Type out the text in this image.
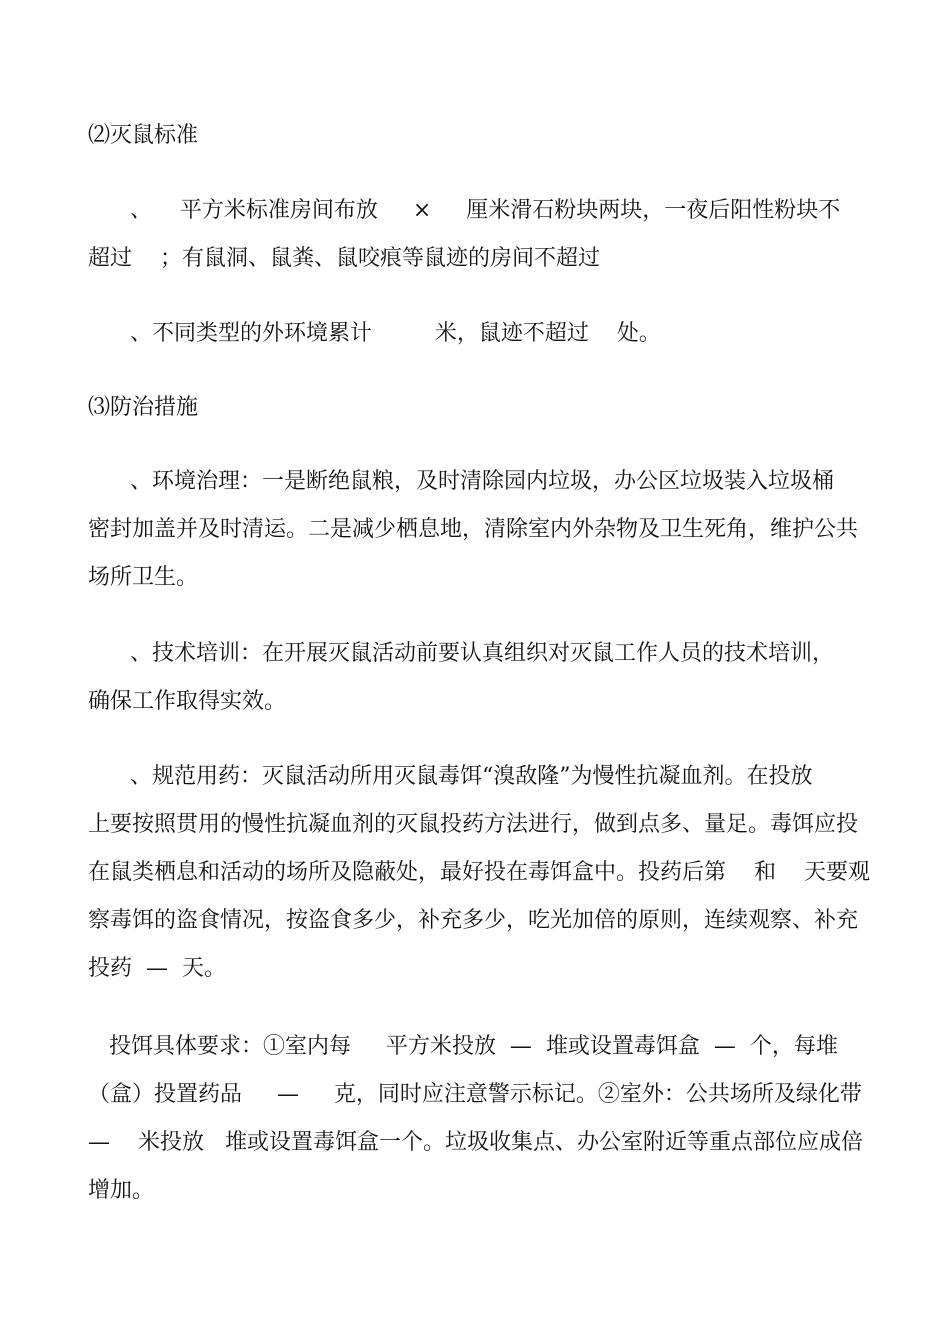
⑵灭鼠标准
、    平方米标准房间布放     ×     厘米滑石粉块两块，一夜后阳性粉块不
超过    ；有鼠洞、鼠粪、鼠咬痕等鼠迹的房间不超过
、不同类型的外环境累计         米，鼠迹不超过    处。
⑶防治措施
、环境治理：一是断绝鼠粮，及时清除园内垃圾，办公区垃圾装入垃圾桶
密封加盖并及时清运。二是减少栖息地，清除室内外杂物及卫生死角，维护公共
场所卫生。
、技术培训：在开展灭鼠活动前要认真组织对灭鼠工作人员的技术培训，
确保工作取得实效。
、规范用药：灭鼠活动所用灭鼠毒饵“溴敌隆”为慢性抗凝血剂。在投放
上要按照贯用的慢性抗凝血剂的灭鼠投药方法进行，做到点多、量足。毒饵应投
在鼠类栖息和活动的场所及隐蔽处，最好投在毒饵盒中。投药后第    和    天要观
察毒饵的盗食情况，按盗食多少，补充多少，吃光加倍的原则，连续观察、补充
投药  —  天。
投饵具体要求：①室内每     平方米投放  —  堆或设置毒饵盒  —  个，每堆
（盒）投置药品     —     克，同时应注意警示标记。②室外：公共场所及绿化带
—    米投放   堆或设置毒饵盒一个。垃圾收集点、办公室附近等重点部位应成倍
增加。
